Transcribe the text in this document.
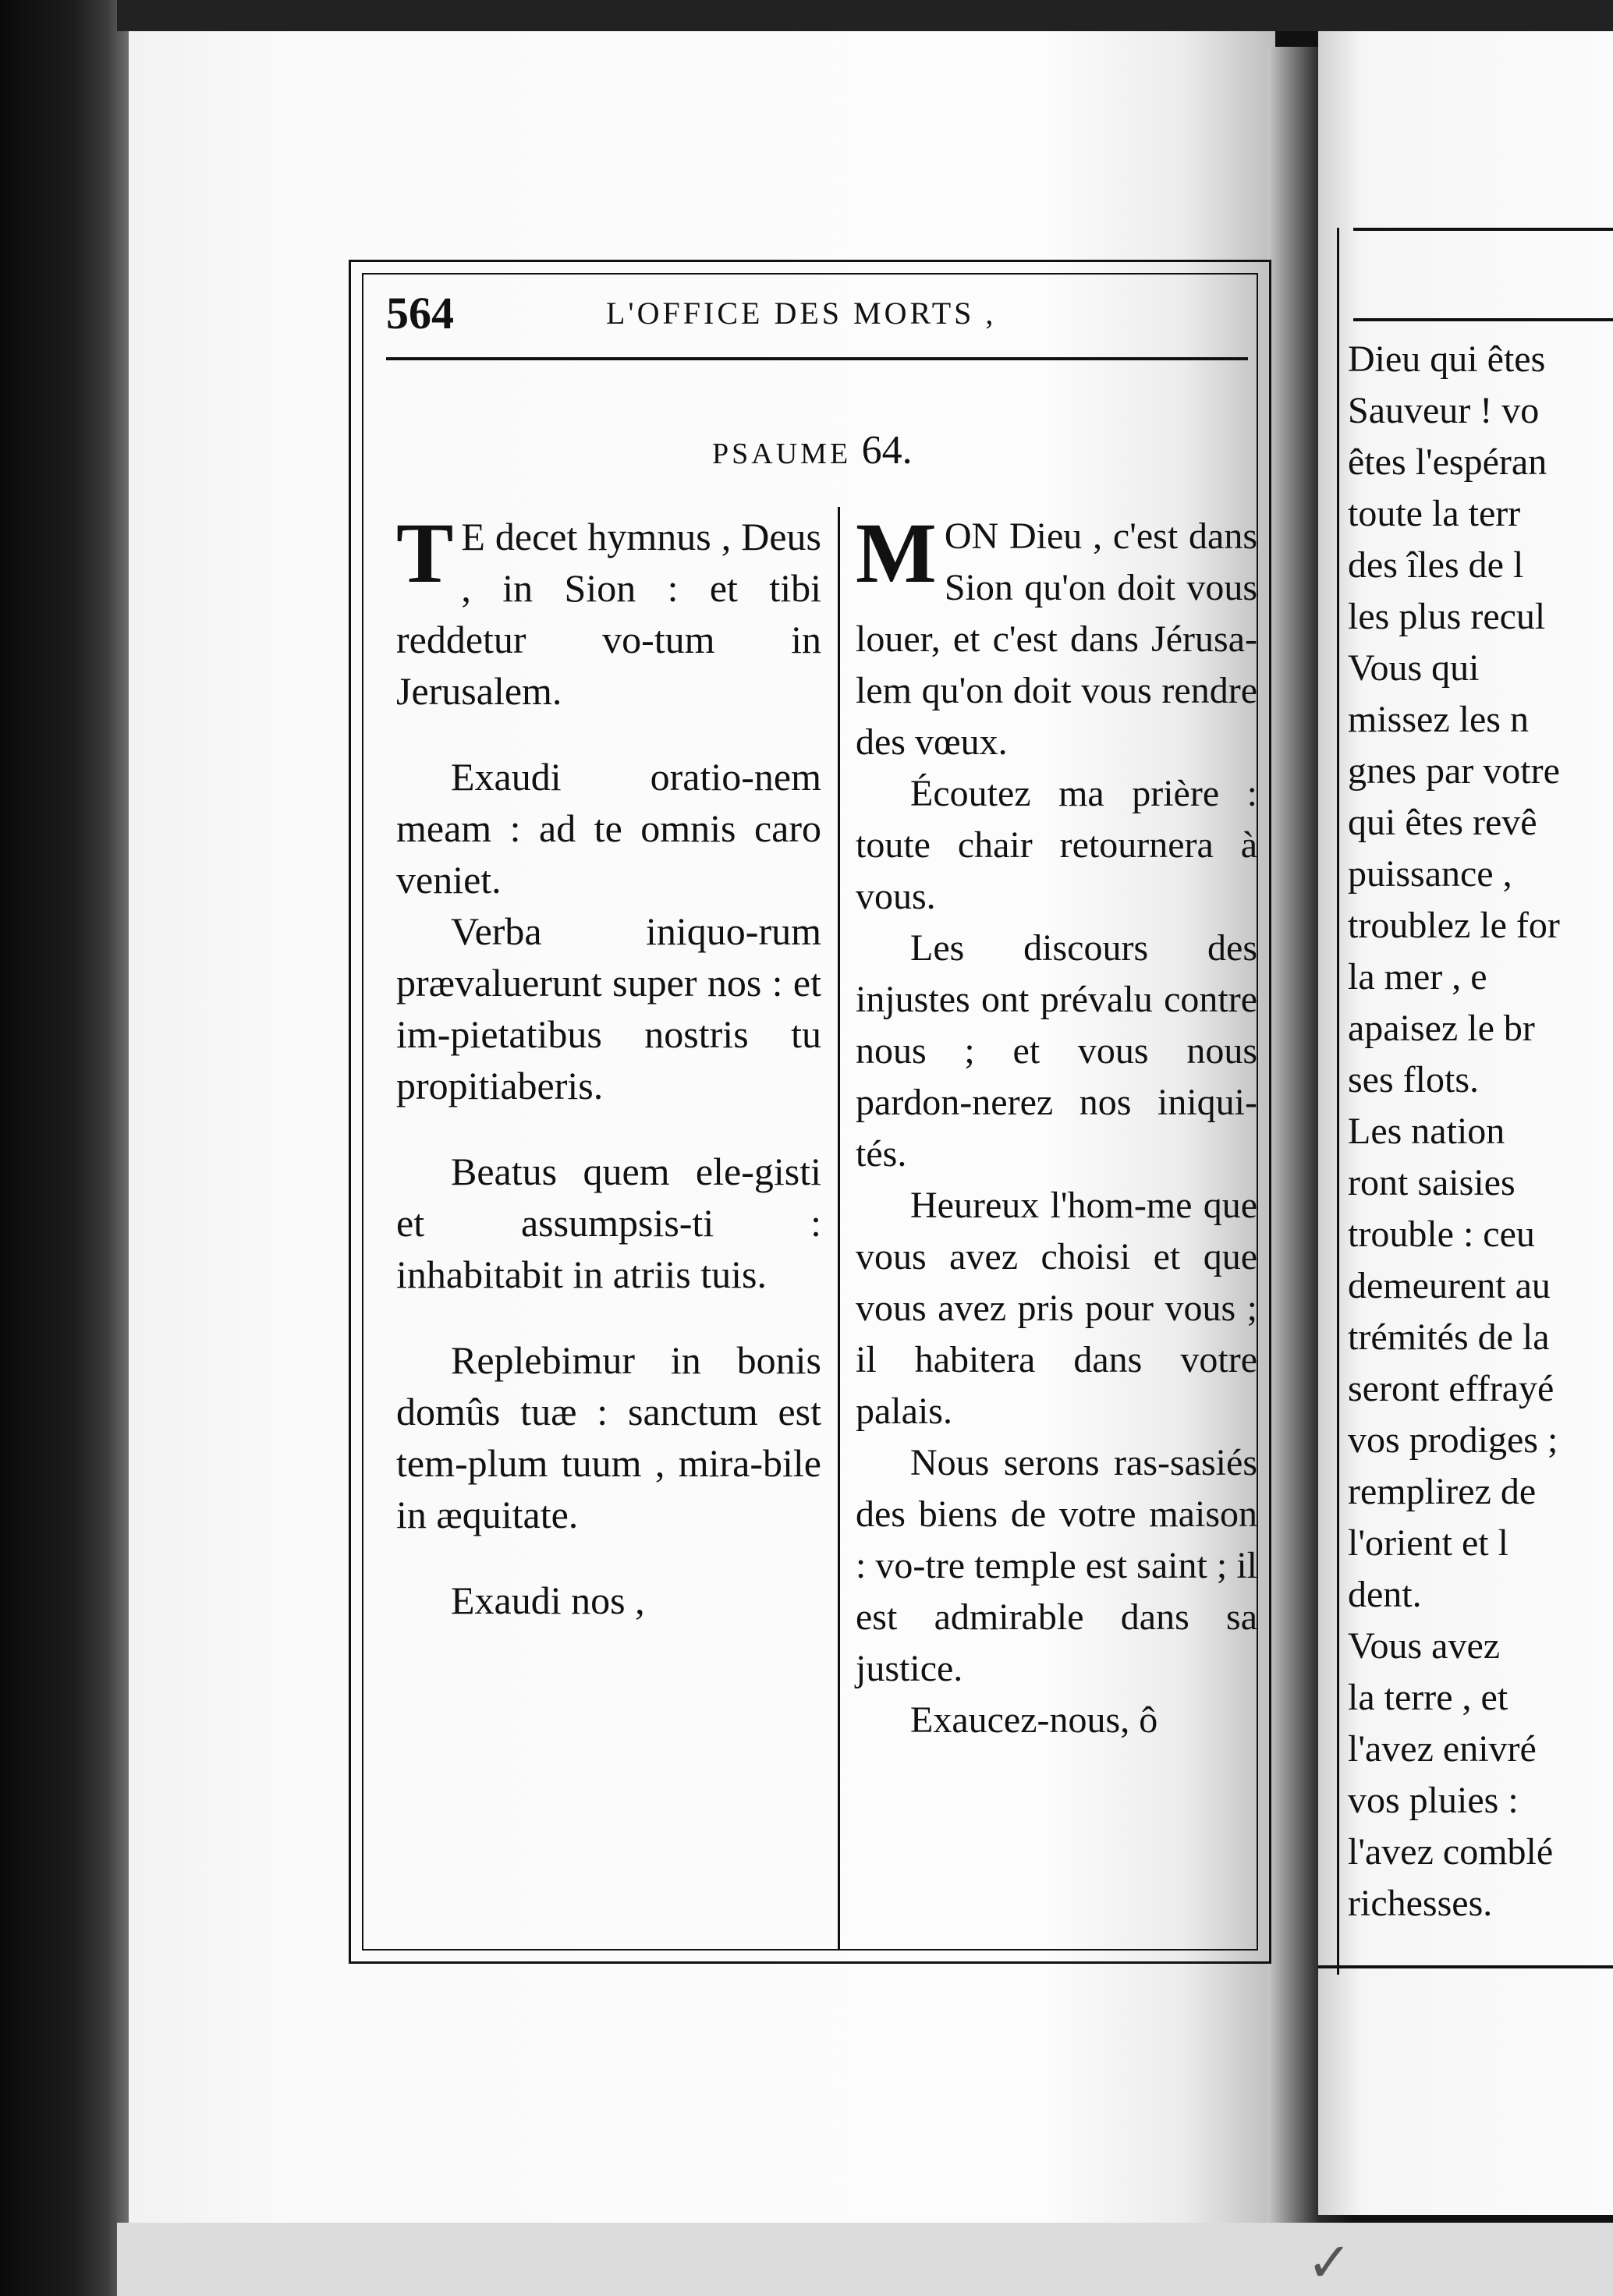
564	L'OFFICE DES MORTS ,
PSAUME 64.

T E decet hymnus , Deus , in Sion : et tibi reddetur vo-tum in Jerusalem.

Exaudi oratio-nem meam : ad te omnis caro veniet.

Verba iniquo-rum prævaluerunt super nos : et im-pietatibus nostris tu propitiaberis.

Beatus quem ele-gisti et assumpsis-ti : inhabitabit in atriis tuis.

Replebimur in bonis domûs tuæ : sanctum est tem-plum tuum , mira-bile in æquitate.

Exaudi nos ,

MON Dieu , c'est dans Sion qu'on doit vous louer, et c'est dans Jérusa-lem qu'on doit vous rendre des vœux.

Écoutez ma prière : toute chair retournera à vous.

Les discours des injustes ont prévalu contre nous ; et vous nous pardon-nerez nos iniqui-tés.

Heureux l'hom-me que vous avez choisi et que vous avez pris pour vous ; il habitera dans votre palais.

Nous serons ras-sasiés des biens de votre maison : vo-tre temple est saint ; il est admirable dans sa justice.

Exaucez-nous, ô

Dieu qui êtes
Sauveur ! vo
êtes l'espéran
toute la terr
des îles de l
les plus recul
Vous qui
missez les n
gnes par votre
qui êtes revê
puissance ,
troublez le for
la mer , e
apaisez le br
ses flots.
Les nation
ront saisies
trouble : ceu
demeurent au
trémités de la
seront effrayé
vos prodiges ;
remplirez de
l'orient et l
dent.
Vous avez
la terre , et
l'avez enivré
vos pluies :
l'avez comblé
richesses.
✓
